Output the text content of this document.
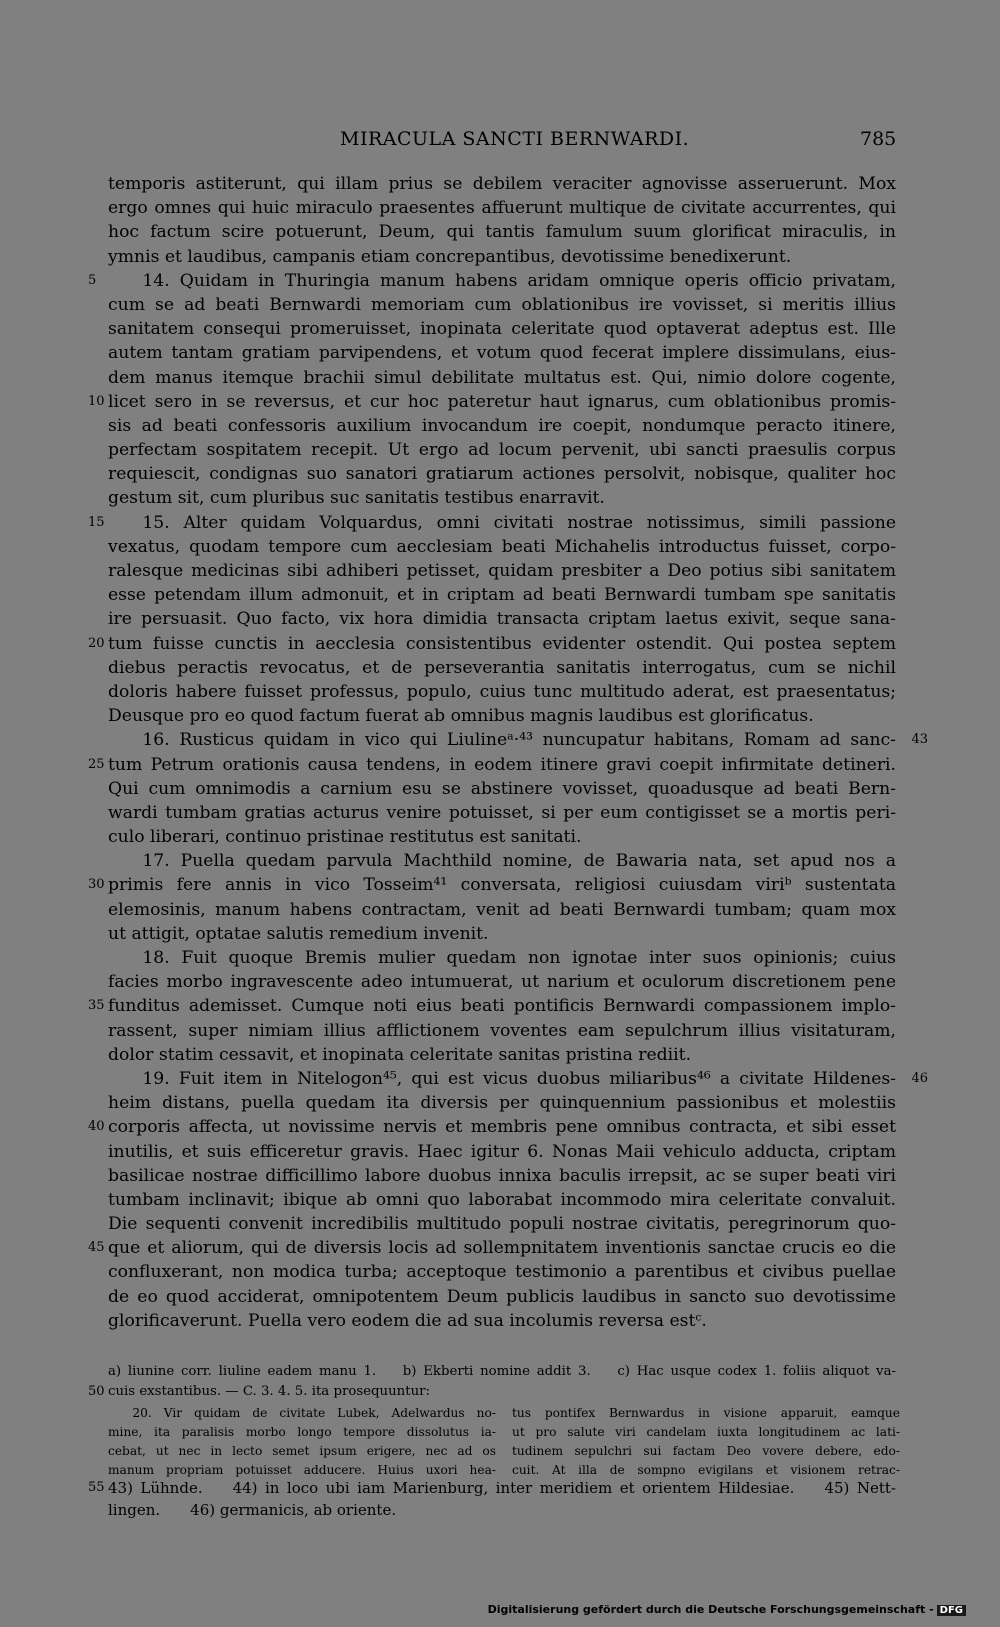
MIRACULA SANCTI BERNWARDI.	785
temporis astiterunt, qui illam prius se debilem veraciter agnovisse asseruerunt. Mox
ergo omnes qui huic miraculo praesentes affuerunt multique de civitate accurrentes, qui
hoc factum scire potuerunt, Deum, qui tantis famulum suum glorificat miraculis, in
ymnis et laudibus, campanis etiam concrepantibus, devotissime benedixerunt.
5   14. Quidam in Thuringia manum habens aridam omnique operis officio privatam,
cum se ad beati Bernwardi memoriam cum oblationibus ire vovisset, si meritis illius
sanitatem consequi promeruisset, inopinata celeritate quod optaverat adeptus est. Ille
autem tantam gratiam parvipendens, et votum quod fecerat implere dissimulans, eius-
dem manus itemque brachii simul debilitate multatus est. Qui, nimio dolore cogente,
10 licet sero in se reversus, et cur hoc pateretur haut ignarus, cum oblationibus promis-
sis ad beati confessoris auxilium invocandum ire coepit, nondumque peracto itinere,
perfectam sospitatem recepit. Ut ergo ad locum pervenit, ubi sancti praesulis corpus
requiescit, condignas suo sanatori gratiarum actiones persolvit, nobisque, qualiter hoc
gestum sit, cum pluribus suc sanitatis testibus enarravit.
15   15. Alter quidam Volquardus, omni civitati nostrae notissimus, simili passione
vexatus, quodam tempore cum aecclesiam beati Michahelis introductus fuisset, corpo-
ralesque medicinas sibi adhiberi petisset, quidam presbiter a Deo potius sibi sanitatem
esse petendam illum admonuit, et in criptam ad beati Bernwardi tumbam spe sanitatis
ire persuasit. Quo facto, vix hora dimidia transacta criptam laetus exivit, seque sana-
20 tum fuisse cunctis in aecclesia consistentibus evidenter ostendit. Qui postea septem
diebus peractis revocatus, et de perseverantia sanitatis interrogatus, cum se nichil
doloris habere fuisset professus, populo, cuius tunc multitudo aderat, est praesentatus;
Deusque pro eo quod factum fuerat ab omnibus magnis laudibus est glorificatus.
  16. Rusticus quidam in vico qui Liulineᵃ·⁴³ nuncupatur habitans, Romam ad sanc- 43
25 tum Petrum orationis causa tendens, in eodem itinere gravi coepit infirmitate detineri.
Qui cum omnimodis a carnium esu se abstinere vovisset, quoadusque ad beati Bern-
wardi tumbam gratias acturus venire potuisset, si per eum contigisset se a mortis peri-
culo liberari, continuo pristinae restitutus est sanitati.
  17. Puella quedam parvula Machthild nomine, de Bawaria nata, set apud nos a
30 primis fere annis in vico Tosseim⁴¹ conversata, religiosi cuiusdam viriᵇ sustentata
elemosinis, manum habens contractam, venit ad beati Bernwardi tumbam; quam mox
ut attigit, optatae salutis remedium invenit.
  18. Fuit quoque Bremis mulier quedam non ignotae inter suos opinionis; cuius
facies morbo ingravescente adeo intumuerat, ut narium et oculorum discretionem pene
35 funditus ademisset. Cumque noti eius beati pontificis Bernwardi compassionem implo-
rassent, super nimiam illius afflictionem voventes eam sepulchrum illius visitaturam,
dolor statim cessavit, et inopinata celeritate sanitas pristina rediit.
  19. Fuit item in Nitelogon⁴⁵, qui est vicus duobus miliaribus⁴⁶ a civitate Hildenes- 46
heim distans, puella quedam ita diversis per quinquennium passionibus et molestiis
40 corporis affecta, ut novissime nervis et membris pene omnibus contracta, et sibi esset
inutilis, et suis efficeretur gravis. Haec igitur 6. Nonas Maii vehiculo adducta, criptam
basilicae nostrae difficillimo labore duobus innixa baculis irrepsit, ac se super beati viri
tumbam inclinavit; ibique ab omni quo laborabat incommodo mira celeritate convaluit.
Die sequenti convenit incredibilis multitudo populi nostrae civitatis, peregrinorum quo-
45 que et aliorum, qui de diversis locis ad sollempnitatem inventionis sanctae crucis eo die
confluxerant, non modica turba; acceptoque testimonio a parentibus et civibus puellae
de eo quod acciderat, omnipotentem Deum publicis laudibus in sancto suo devotissime
glorificaverunt. Puella vero eodem die ad sua incolumis reversa estᶜ.
a) liunine corr. liuline eadem manu 1.  b) Ekberti nomine addit 3.  c) Hac usque codex 1. foliis aliquot va-
50 cuis exstantibus. — C. 3. 4. 5. ita prosequuntur:
  20. Vir quidam de civitate Lubek, Adelwardus no-
mine, ita paralisis morbo longo tempore dissolutus ia-
cebat, ut nec in lecto semet ipsum erigere, nec ad os
manum propriam potuisset adducere. Huius uxori hea-
tus pontifex Bernwardus in visione apparuit, eamque
ut pro salute viri candelam iuxta longitudinem ac lati-
tudinem sepulchri sui factam Deo vovere debere, edo-
cuit. At illa de sompno evigilans et visionem retrac-
55 43) Lühnde.  44) in loco ubi iam Marienburg, inter meridiem et orientem Hildesiae.  45) Nett-
lingen.  46) germanicis, ab oriente.
Digitalisierung gefördert durch die Deutsche Forschungsgemeinschaft - DFG
